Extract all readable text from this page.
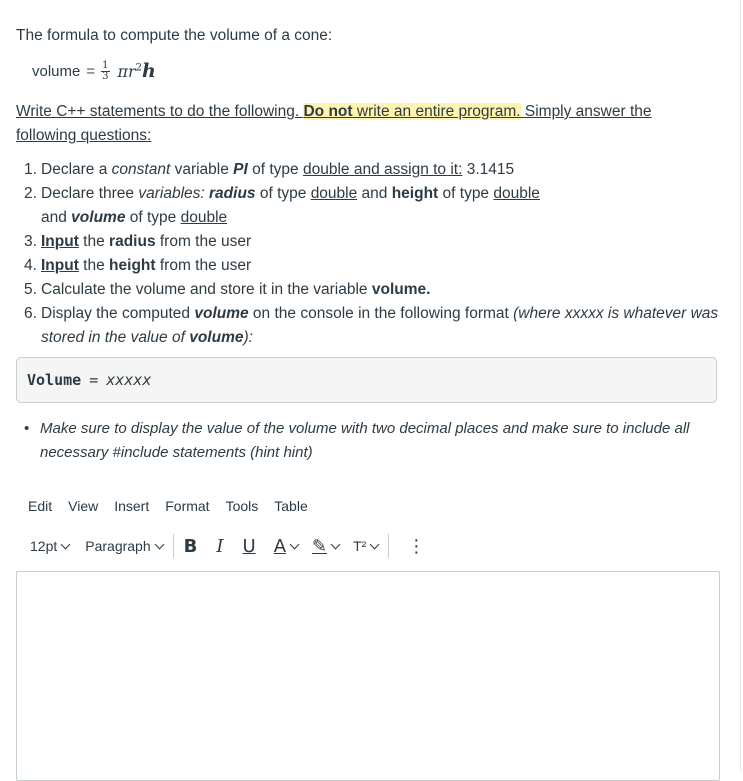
The formula to compute the volume of a cone:
volume = $\frac{1}{3} \pi r^2h$
Write C++ statements to do the following. Do not write an entire program. Simply answer the following questions:
1. Declare a constant variable PI of type double and assign to it: 3.1415
2. Declare three variables: radius of type double and height of type double
and volume of type double
3. Input the radius from the user
4. Input the height from the user
5. Calculate the volume and store it in the variable volume.
6. Display the computed volume on the console in the following format (where xxxxx is whatever was
stored in the value of volume):
Volume = xxxxx
• Make sure to display the value of the volume with two decimal places and make sure to include all necessary #include statements (hint hint)
Edit View Insert Format Tools Table
12pt Paragraph B I U A ✎ T² ⋮
